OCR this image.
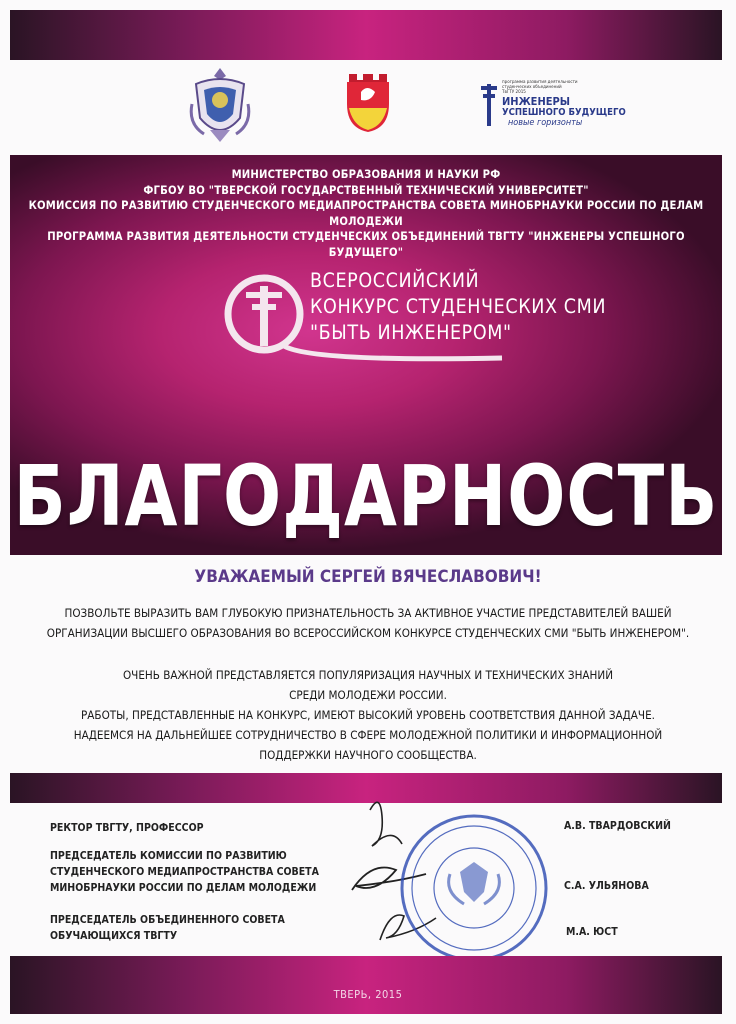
программа развития деятельности
студенческих объединений
ТвГТУ 2015
ИНЖЕНЕРЫ
УСПЕШНОГО БУДУЩЕГО
новые горизонты
МИНИСТЕРСТВО ОБРАЗОВАНИЯ И НАУКИ РФ
ФГБОУ ВО "ТВЕРСКОЙ ГОСУДАРСТВЕННЫЙ ТЕХНИЧЕСКИЙ УНИВЕРСИТЕТ"
КОМИССИЯ ПО РАЗВИТИЮ СТУДЕНЧЕСКОГО МЕДИАПРОСТРАНСТВА СОВЕТА МИНОБРНАУКИ РОССИИ ПО ДЕЛАМ МОЛОДЕЖИ
ПРОГРАММА РАЗВИТИЯ ДЕЯТЕЛЬНОСТИ СТУДЕНЧЕСКИХ ОБЪЕДИНЕНИЙ ТВГТУ "ИНЖЕНЕРЫ УСПЕШНОГО БУДУЩЕГО"
ВСЕРОССИЙСКИЙ
КОНКУРС СТУДЕНЧЕСКИХ СМИ
"БЫТЬ ИНЖЕНЕРОМ"
БЛАГОДАРНОСТЬ
УВАЖАЕМЫЙ СЕРГЕЙ ВЯЧЕСЛАВОВИЧ!
ПОЗВОЛЬТЕ ВЫРАЗИТЬ ВАМ ГЛУБОКУЮ ПРИЗНАТЕЛЬНОСТЬ ЗА АКТИВНОЕ УЧАСТИЕ ПРЕДСТАВИТЕЛЕЙ ВАШЕЙ
ОРГАНИЗАЦИИ ВЫСШЕГО ОБРАЗОВАНИЯ ВО ВСЕРОССИЙСКОМ КОНКУРСЕ СТУДЕНЧЕСКИХ СМИ "БЫТЬ ИНЖЕНЕРОМ".
ОЧЕНЬ ВАЖНОЙ ПРЕДСТАВЛЯЕТСЯ ПОПУЛЯРИЗАЦИЯ НАУЧНЫХ И ТЕХНИЧЕСКИХ ЗНАНИЙ
СРЕДИ МОЛОДЕЖИ РОССИИ.
РАБОТЫ, ПРЕДСТАВЛЕННЫЕ НА КОНКУРС, ИМЕЮТ ВЫСОКИЙ УРОВЕНЬ СООТВЕТСТВИЯ ДАННОЙ ЗАДАЧЕ.
НАДЕЕМСЯ НА ДАЛЬНЕЙШЕЕ СОТРУДНИЧЕСТВО В СФЕРЕ МОЛОДЕЖНОЙ ПОЛИТИКИ И ИНФОРМАЦИОННОЙ
ПОДДЕРЖКИ НАУЧНОГО СООБЩЕСТВА.
РЕКТОР ТВГТУ, ПРОФЕССОР	А.В. ТВАРДОВСКИЙ
ПРЕДСЕДАТЕЛЬ КОМИССИИ ПО РАЗВИТИЮ
СТУДЕНЧЕСКОГО МЕДИАПРОСТРАНСТВА СОВЕТА
МИНОБРНАУКИ РОССИИ ПО ДЕЛАМ МОЛОДЕЖИ	С.А. УЛЬЯНОВА
ПРЕДСЕДАТЕЛЬ ОБЪЕДИНЕННОГО СОВЕТА
ОБУЧАЮЩИХСЯ ТВГТУ	М.А. ЮСТ
ТВЕРЬ, 2015
